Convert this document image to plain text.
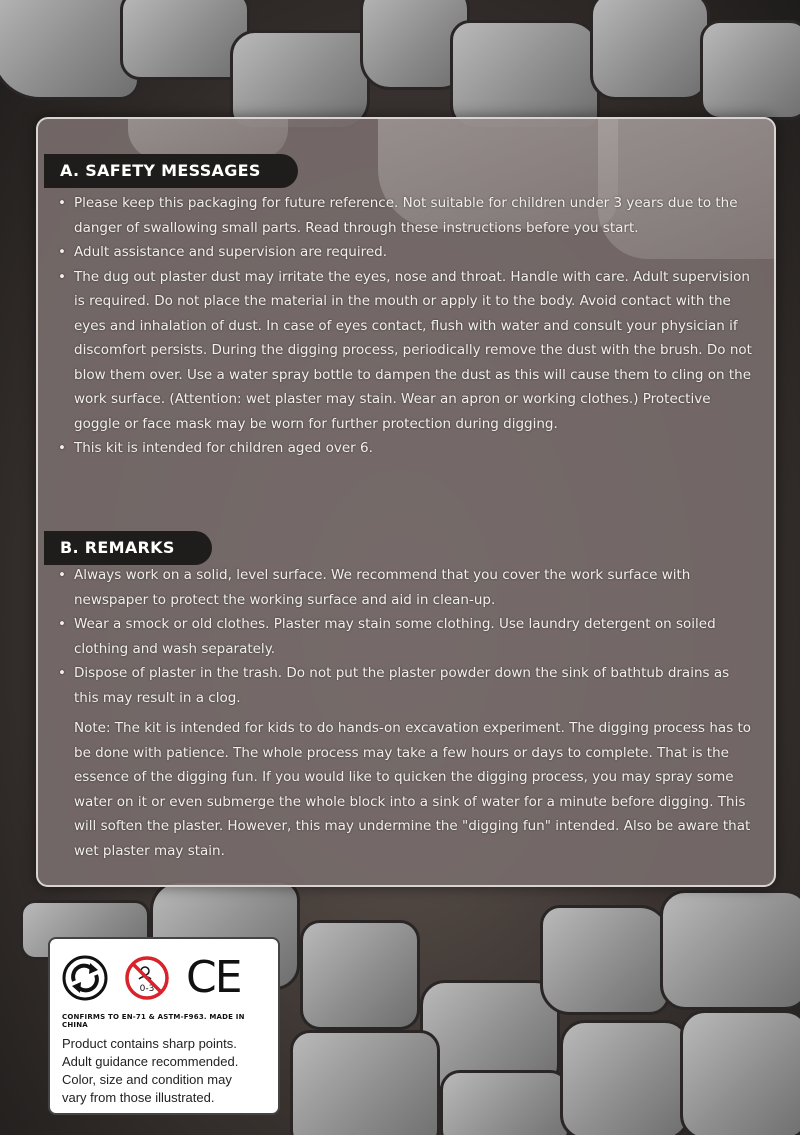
A. SAFETY MESSAGES
• Please keep this packaging for future reference. Not suitable for children under 3 years due to the danger of swallowing small parts. Read through these instructions before you start.
• Adult assistance and supervision are required.
• The dug out plaster dust may irritate the eyes, nose and throat. Handle with care. Adult supervision is required. Do not place the material in the mouth or apply it to the body. Avoid contact with the eyes and inhalation of dust. In case of eyes contact, flush with water and consult your physician if discomfort persists. During the digging process, periodically remove the dust with the brush. Do not blow them over. Use a water spray bottle to dampen the dust as this will cause them to cling on the work surface. (Attention: wet plaster may stain. Wear an apron or working clothes.) Protective goggle or face mask may be worn for further protection during digging.
• This kit is intended for children aged over 6.
B. REMARKS
• Always work on a solid, level surface. We recommend that you cover the work surface with newspaper to protect the working surface and aid in clean-up.
• Wear a smock or old clothes. Plaster may stain some clothing. Use laundry detergent on soiled clothing and wash separately.
• Dispose of plaster in the trash. Do not put the plaster powder down the sink of bathtub drains as this may result in a clog.

Note: The kit is intended for kids to do hands-on excavation experiment. The digging process has to be done with patience. The whole process may take a few hours or days to complete. That is the essence of the digging fun. If you would like to quicken the digging process, you may spray some water on it or even submerge the whole block into a sink of water for a minute before digging. This will soften the plaster. However, this may undermine the "digging fun" intended. Also be aware that wet plaster may stain.

0-3 CE
CONFIRMS TO EN-71 & ASTM-F963. MADE IN CHINA
Product contains sharp points.
Adult guidance recommended.
Color, size and condition may
vary from those illustrated.
